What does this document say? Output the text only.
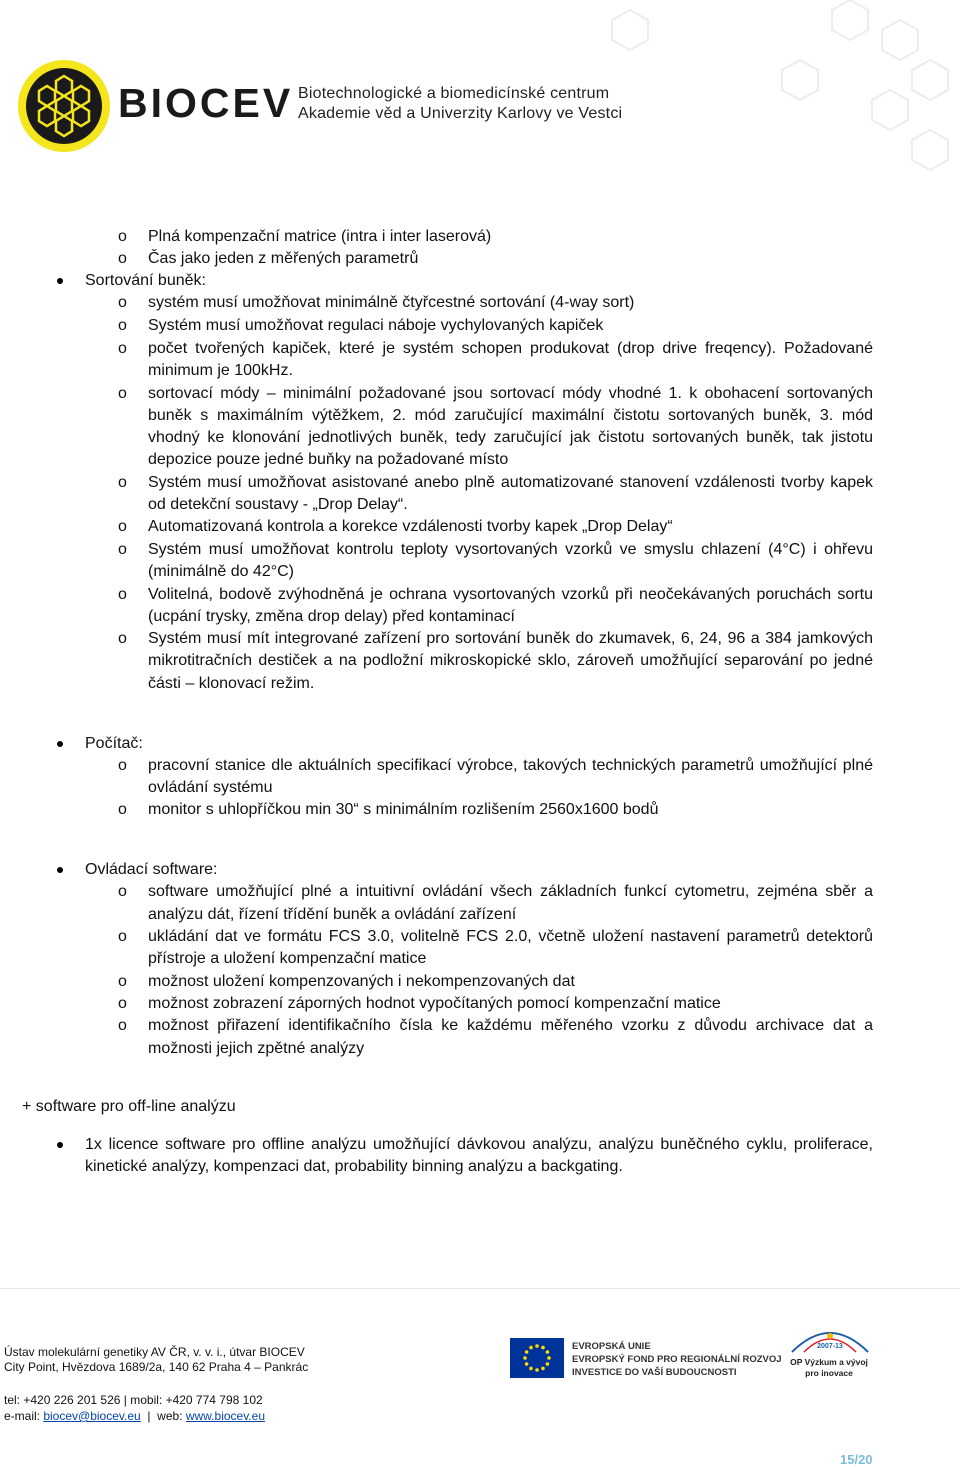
BIOCEV Biotechnologické a biomedicínské centrum
Akademie věd a Univerzity Karlovy ve Vestci
o Plná kompenzační matrice (intra i inter laserová)
o Čas jako jeden z měřených parametrů
Sortování buněk:
o systém musí umožňovat minimálně čtyřcestné sortování (4-way sort)
o Systém musí umožňovat regulaci náboje vychylovaných kapiček
o počet tvořených kapiček, které je systém schopen produkovat (drop drive freqency). Požadované
minimum je 100kHz.
o sortovací módy – minimální požadované jsou sortovací módy vhodné 1. k obohacení sortovaných
buněk s maximálním výtěžkem, 2. mód zaručující maximální čistotu sortovaných buněk, 3. mód
vhodný ke klonování jednotlivých buněk, tedy zaručující jak čistotu sortovaných buněk, tak jistotu
depozice pouze jedné buňky na požadované místo
o Systém musí umožňovat asistované anebo plně automatizované stanovení vzdálenosti tvorby kapek
od detekční soustavy - „Drop Delay“.
o Automatizovaná kontrola a korekce vzdálenosti tvorby kapek „Drop Delay“
o Systém musí umožňovat kontrolu teploty vysortovaných vzorků ve smyslu chlazení (4°C) i ohřevu
(minimálně do 42°C)
o Volitelná, bodově zvýhodněná je ochrana vysortovaných vzorků při neočekávaných poruchách sortu
(ucpání trysky, změna drop delay) před kontaminací
o Systém musí mít integrované zařízení pro sortování buněk do zkumavek, 6, 24, 96 a 384 jamkových
mikrotitračních destiček a na podložní mikroskopické sklo, zároveň umožňující separování po jedné
části – klonovací režim.
Počítač:
o pracovní stanice dle aktuálních specifikací výrobce, takových technických parametrů umožňující plné
ovládání systému
o monitor s uhlopříčkou min 30“ s minimálním rozlišením 2560x1600 bodů
Ovládací software:
o software umožňující plné a intuitivní ovládání všech základních funkcí cytometru, zejména sběr a
analýzu dát, řízení třídění buněk a ovládání zařízení
o ukládání dat ve formátu FCS 3.0, volitelně FCS 2.0, včetně uložení nastavení parametrů detektorů
přístroje a uložení kompenzační matice
o možnost uložení kompenzovaných i nekompenzovaných dat
o možnost zobrazení záporných hodnot vypočítaných pomocí kompenzační matice
o možnost přiřazení identifikačního čísla ke každému měřeného vzorku z důvodu archivace dat a
možnosti jejich zpětné analýzy
+ software pro off-line analýzu
1x licence software pro offline analýzu umožňující dávkovou analýzu, analýzu buněčného cyklu, proliferace,
kinetické analýzy, kompenzaci dat, probability binning analýzu a backgating.
Ústav molekulární genetiky AV ČR, v. v. i., útvar BIOCEV
City Point, Hvězdova 1689/2a, 140 62 Praha 4 – Pankrác
tel: +420 226 201 526 | mobil: +420 774 798 102
e-mail: biocev@biocev.eu  |  web: www.biocev.eu
EVROPSKÁ UNIE
EVROPSKÝ FOND PRO REGIONÁLNÍ ROZVOJ
INVESTICE DO VAŠÍ BUDOUCNOSTI
2007-13
OP Výzkum a vývoj
pro inovace
15/20
